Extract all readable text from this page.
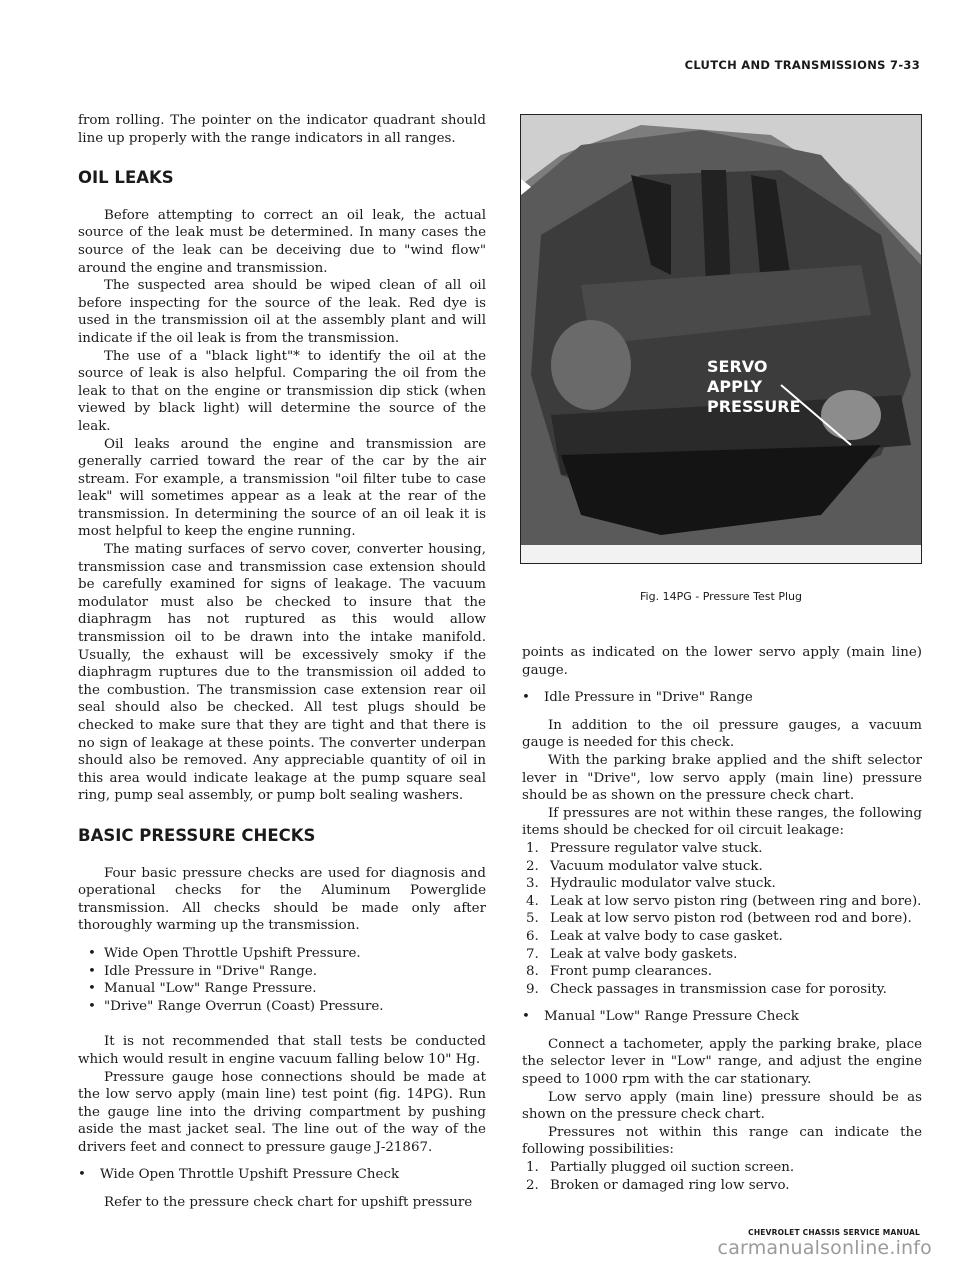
CLUTCH AND TRANSMISSIONS 7-33

from rolling. The pointer on the indicator quadrant should line up properly with the range indicators in all ranges.

OIL LEAKS

Before attempting to correct an oil leak, the actual source of the leak must be determined. In many cases the source of the leak can be deceiving due to "wind flow" around the engine and transmission.

The suspected area should be wiped clean of all oil before inspecting for the source of the leak. Red dye is used in the transmission oil at the assembly plant and will indicate if the oil leak is from the transmission.

The use of a "black light"* to identify the oil at the source of leak is also helpful. Comparing the oil from the leak to that on the engine or transmission dip stick (when viewed by black light) will determine the source of the leak.

Oil leaks around the engine and transmission are generally carried toward the rear of the car by the air stream. For example, a transmission "oil filter tube to case leak" will sometimes appear as a leak at the rear of the transmission. In determining the source of an oil leak it is most helpful to keep the engine running.

The mating surfaces of servo cover, converter housing, transmission case and transmission case extension should be carefully examined for signs of leakage. The vacuum modulator must also be checked to insure that the diaphragm has not ruptured as this would allow transmission oil to be drawn into the intake manifold. Usually, the exhaust will be excessively smoky if the diaphragm ruptures due to the transmission oil added to the combustion. The transmission case extension rear oil seal should also be checked. All test plugs should be checked to make sure that they are tight and that there is no sign of leakage at these points. The converter underpan should also be removed. Any appreciable quantity of oil in this area would indicate leakage at the pump square seal ring, pump seal assembly, or pump bolt sealing washers.

BASIC PRESSURE CHECKS

Four basic pressure checks are used for diagnosis and operational checks for the Aluminum Powerglide transmission. All checks should be made only after thoroughly warming up the transmission.

• Wide Open Throttle Upshift Pressure.

• Idle Pressure in "Drive" Range.

• Manual "Low" Range Pressure.

• "Drive" Range Overrun (Coast) Pressure.

It is not recommended that stall tests be conducted which would result in engine vacuum falling below 10" Hg.

Pressure gauge hose connections should be made at the low servo apply (main line) test point (fig. 14PG). Run the gauge line into the driving compartment by pushing aside the mast jacket seal. The line out of the way of the drivers feet and connect to pressure gauge J-21867.

• Wide Open Throttle Upshift Pressure Check

Refer to the pressure check chart for upshift pressure

SERVO APPLY
PRESSURE
Fig. 14PG - Pressure Test Plug

points as indicated on the lower servo apply (main line) gauge.

• Idle Pressure in "Drive" Range

In addition to the oil pressure gauges, a vacuum gauge is needed for this check.

With the parking brake applied and the shift selector lever in "Drive", low servo apply (main line) pressure should be as shown on the pressure check chart.

If pressures are not within these ranges, the following items should be checked for oil circuit leakage:

1. Pressure regulator valve stuck.
2. Vacuum modulator valve stuck.
3. Hydraulic modulator valve stuck.
4. Leak at low servo piston ring (between ring and bore).
5. Leak at low servo piston rod (between rod and bore).
6. Leak at valve body to case gasket.
7. Leak at valve body gaskets.
8. Front pump clearances.
9. Check passages in transmission case for porosity.

• Manual "Low" Range Pressure Check

Connect a tachometer, apply the parking brake, place the selector lever in "Low" range, and adjust the engine speed to 1000 rpm with the car stationary.

Low servo apply (main line) pressure should be as shown on the pressure check chart.

Pressures not within this range can indicate the following possibilities:

1. Partially plugged oil suction screen.
2. Broken or damaged ring low servo.
CHEVROLET CHASSIS SERVICE MANUAL
carmanualsonline.info
